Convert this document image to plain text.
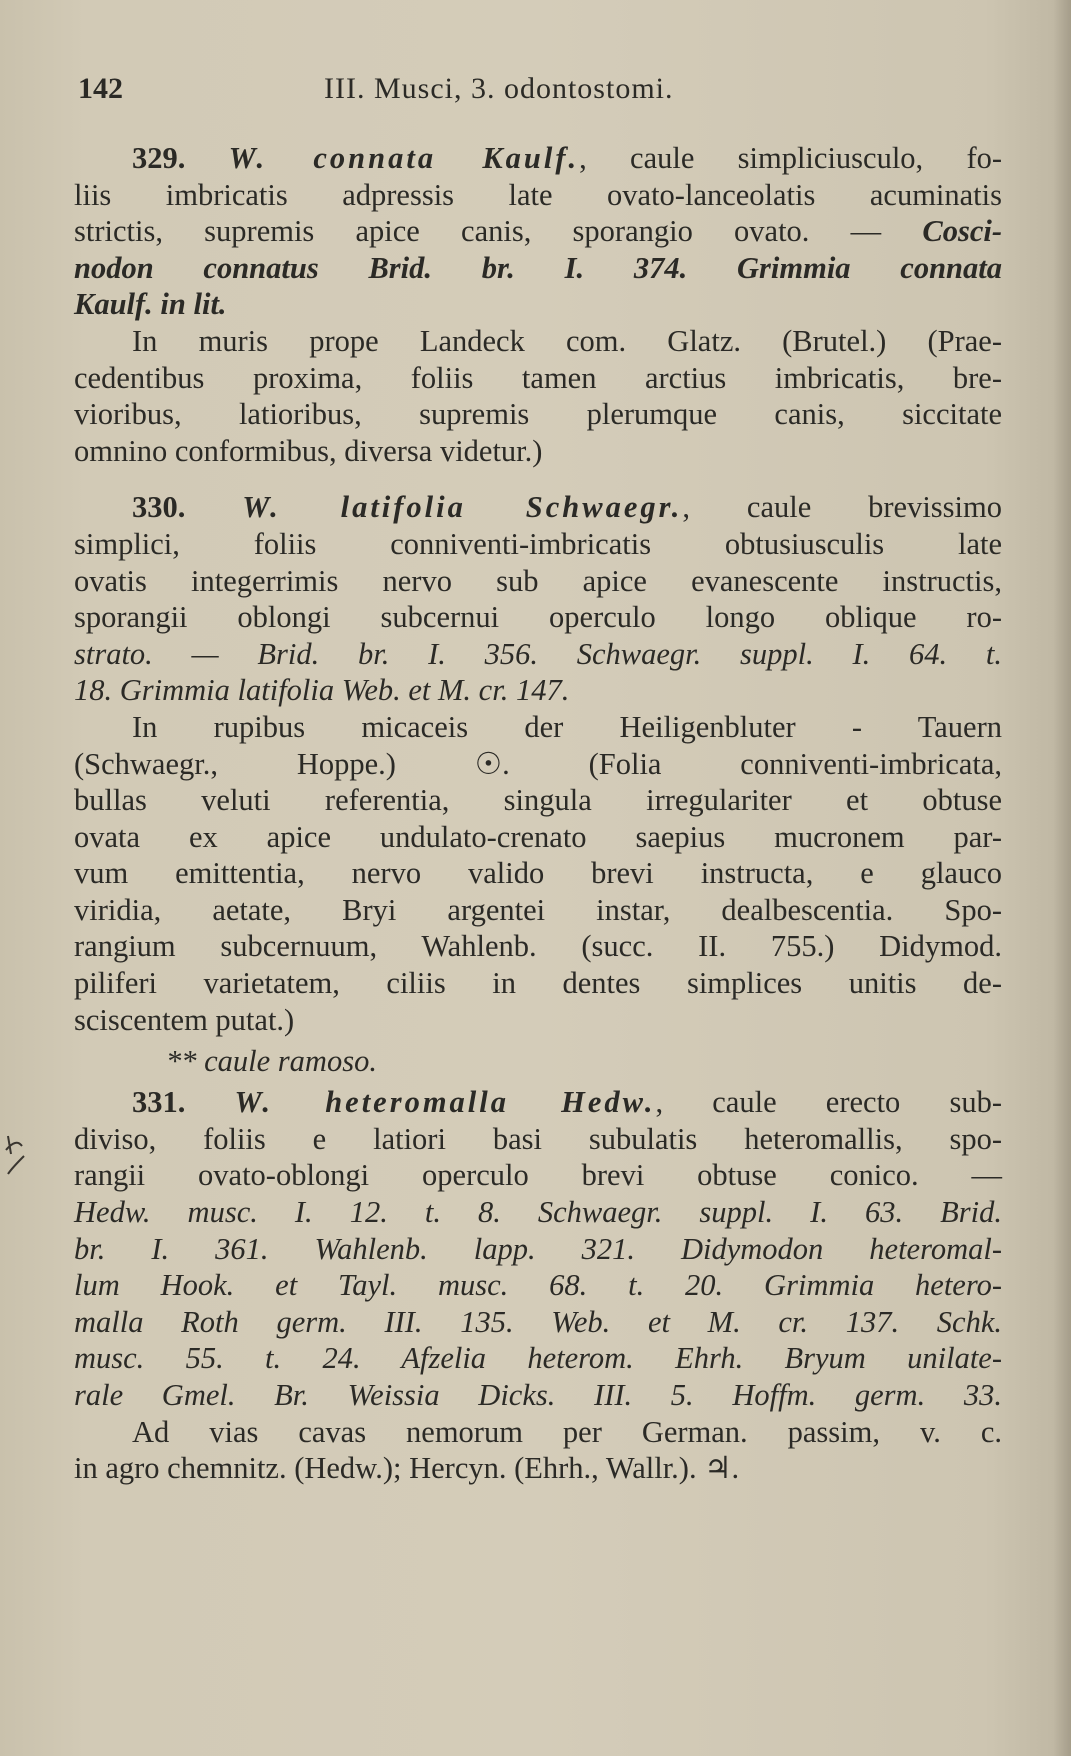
142	III. Musci, 3. odontostomi.
329. W. connata Kaulf., caule simpliciusculo, fo-
liis imbricatis adpressis late ovato-lanceolatis acuminatis
strictis, supremis apice canis, sporangio ovato. — Cosci-
nodon connatus Brid. br. I. 374. Grimmia connata
Kaulf. in lit.
In muris prope Landeck com. Glatz. (Brutel.) (Prae-
cedentibus proxima, foliis tamen arctius imbricatis, bre-
vioribus, latioribus, supremis plerumque canis, siccitate
omnino conformibus, diversa videtur.)
330. W. latifolia Schwaegr., caule brevissimo
simplici, foliis conniventi-imbricatis obtusiusculis late
ovatis integerrimis nervo sub apice evanescente instructis,
sporangii oblongi subcernui operculo longo oblique ro-
strato. — Brid. br. I. 356. Schwaegr. suppl. I. 64. t.
18. Grimmia latifolia Web. et M. cr. 147.
In rupibus micaceis der Heiligenbluter - Tauern
(Schwaegr., Hoppe.) ☉. (Folia conniventi-imbricata,
bullas veluti referentia, singula irregulariter et obtuse
ovata ex apice undulato-crenato saepius mucronem par-
vum emittentia, nervo valido brevi instructa, e glauco
viridia, aetate, Bryi argentei instar, dealbescentia. Spo-
rangium subcernuum, Wahlenb. (succ. II. 755.) Didymod.
piliferi varietatem, ciliis in dentes simplices unitis de-
sciscentem putat.)
** caule ramoso.
331. W. heteromalla Hedw., caule erecto sub-
diviso, foliis e latiori basi subulatis heteromallis, spo-
rangii ovato-oblongi operculo brevi obtuse conico. —
Hedw. musc. I. 12. t. 8. Schwaegr. suppl. I. 63. Brid.
br. I. 361. Wahlenb. lapp. 321. Didymodon heteromal-
lum Hook. et Tayl. musc. 68. t. 20. Grimmia hetero-
malla Roth germ. III. 135. Web. et M. cr. 137. Schk.
musc. 55. t. 24. Afzelia heterom. Ehrh. Bryum unilate-
rale Gmel. Br. Weissia Dicks. III. 5. Hoffm. germ. 33.
Ad vias cavas nemorum per German. passim, v. c.
in agro chemnitz. (Hedw.); Hercyn. (Ehrh., Wallr.). ♃.
